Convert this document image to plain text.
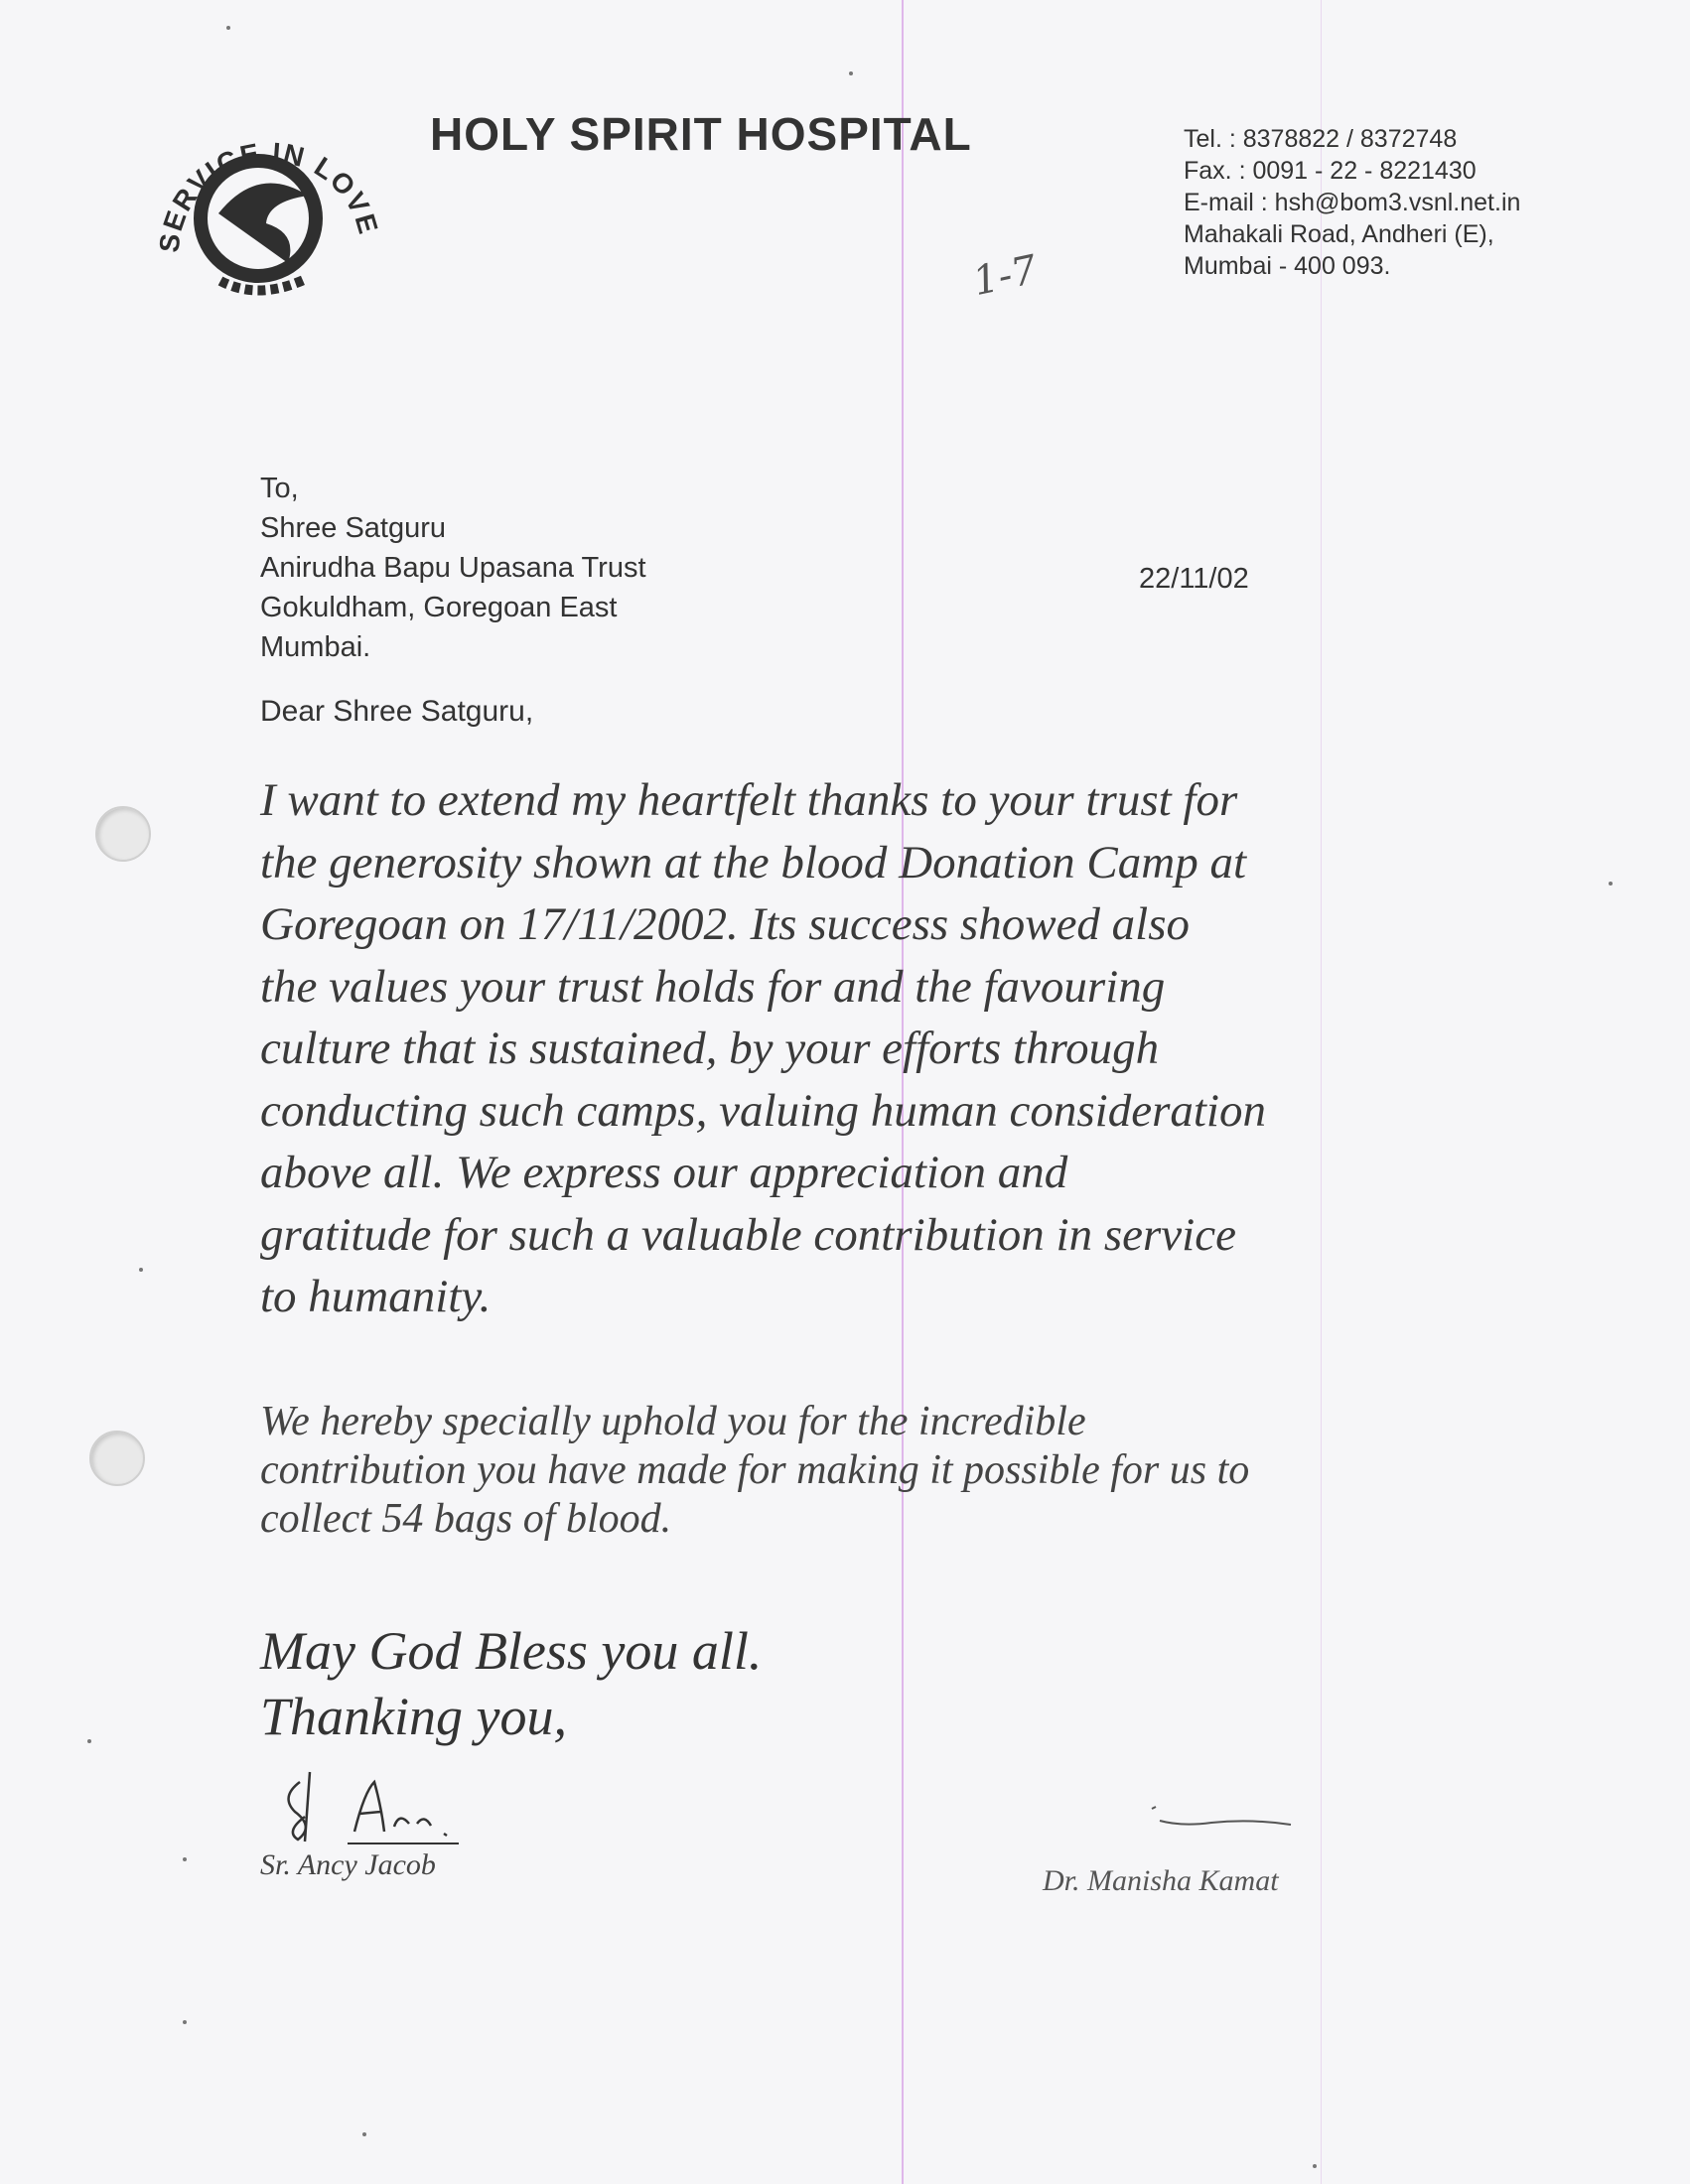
SERVICE IN LOVE
HOLY SPIRIT HOSPITAL	Tel. : 8378822 / 8372748
Fax. : 0091 - 22 - 8221430
E-mail : hsh@bom3.vsnl.net.in
Mahakali Road, Andheri (E),
Mumbai - 400 093.
1-7
To,
Shree Satguru
Anirudha Bapu Upasana Trust
Gokuldham, Goregoan East
Mumbai.
22/11/02
Dear Shree Satguru,
I want to extend my heartfelt thanks to your trust for
the generosity shown at the blood Donation Camp at
Goregoan on 17/11/2002. Its success showed also
the values your trust holds for and the favouring
culture that is sustained, by your efforts through
conducting such camps, valuing human consideration
above all. We express our appreciation and
gratitude for such a valuable contribution in service
to humanity.
We hereby specially uphold you for the incredible
contribution you have made for making it possible for us to
collect 54 bags of blood.
May God Bless you all.
Thanking you,
Sr. Ancy Jacob	Dr. Manisha Kamat
